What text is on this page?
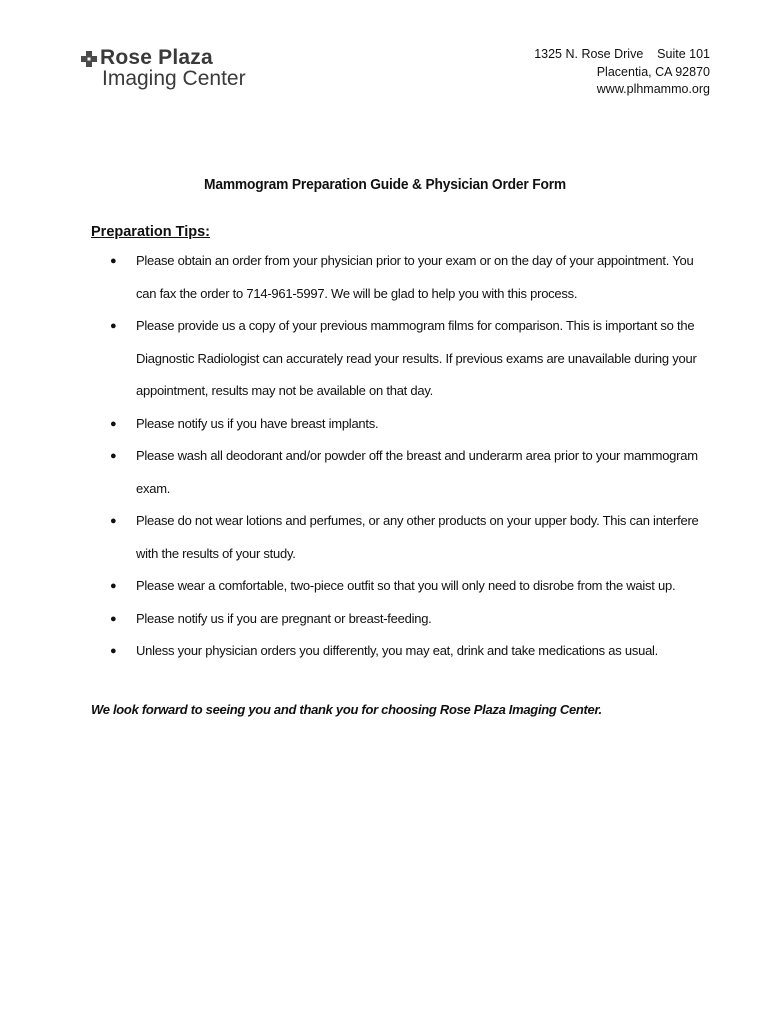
Rose Plaza
Imaging Center
1325 N. Rose Drive    Suite 101
Placentia, CA 92870
www.plhmammo.org
Mammogram Preparation Guide & Physician Order Form
Preparation Tips:
● Please obtain an order from your physician prior to your exam or on the day of your appointment. You can fax the order to 714-961-5997. We will be glad to help you with this process.
● Please provide us a copy of your previous mammogram films for comparison. This is important so the Diagnostic Radiologist can accurately read your results. If previous exams are unavailable during your appointment, results may not be available on that day.
● Please notify us if you have breast implants.
● Please wash all deodorant and/or powder off the breast and underarm area prior to your mammogram exam.
● Please do not wear lotions and perfumes, or any other products on your upper body. This can interfere with the results of your study.
● Please wear a comfortable, two-piece outfit so that you will only need to disrobe from the waist up.
● Please notify us if you are pregnant or breast-feeding.
● Unless your physician orders you differently, you may eat, drink and take medications as usual.
We look forward to seeing you and thank you for choosing Rose Plaza Imaging Center.
